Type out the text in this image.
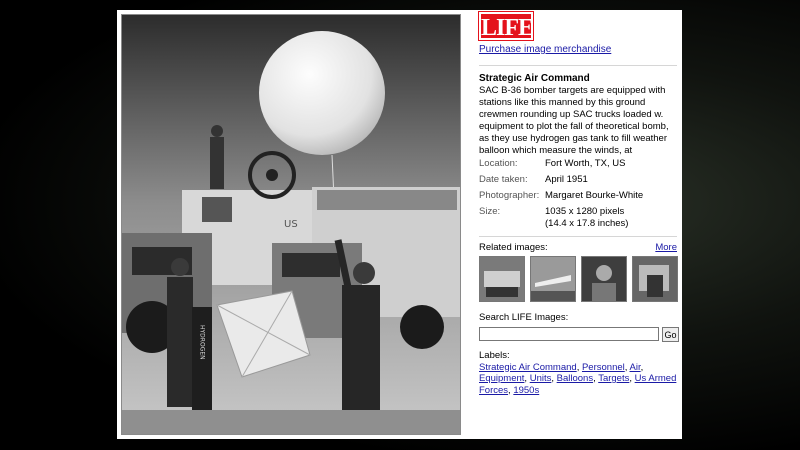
HYDROGEN
US
LIFE
Purchase image merchandise
Strategic Air Command
SAC B-36 bomber targets are equipped with stations like this manned by this ground crewmen rounding up SAC trucks loaded w. equipment to plot the fall of theoretical bomb, as they use hydrogen gas tank to fill weather balloon which measure the winds, at
Location:	Fort Worth, TX, US
Date taken:	April 1951
Photographer: Margaret Bourke-White
Size:	1035 x 1280 pixels
(14.4 x 17.8 inches)
Related images:	More
Search LIFE Images:
Go
Labels:
Strategic Air Command, Personnel, Air, Equipment, Units, Balloons, Targets, Us Armed Forces, 1950s
